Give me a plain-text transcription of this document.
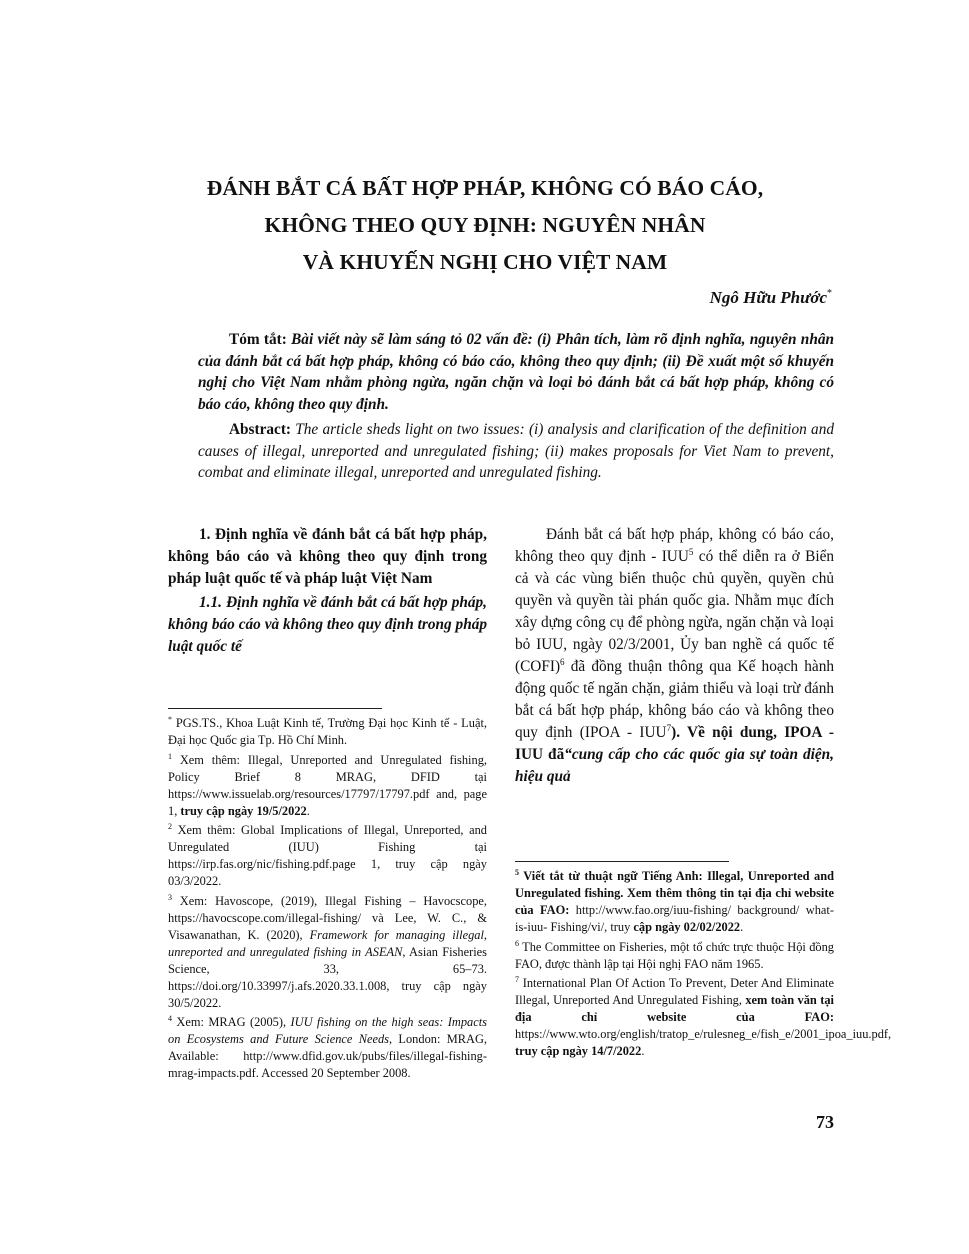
ĐÁNH BẮT CÁ BẤT HỢP PHÁP, KHÔNG CÓ BÁO CÁO,
KHÔNG THEO QUY ĐỊNH: NGUYÊN NHÂN
VÀ KHUYẾN NGHỊ CHO VIỆT NAM
Ngô Hữu Phước*
Tóm tắt: Bài viết này sẽ làm sáng tỏ 02 vấn đề: (i) Phân tích, làm rõ định nghĩa, nguyên nhân của đánh bắt cá bất hợp pháp, không có báo cáo, không theo quy định; (ii) Đề xuất một số khuyến nghị cho Việt Nam nhằm phòng ngừa, ngăn chặn và loại bỏ đánh bắt cá bất hợp pháp, không có báo cáo, không theo quy định.
Abstract: The article sheds light on two issues: (i) analysis and clarification of the definition and causes of illegal, unreported and unregulated fishing; (ii) makes proposals for Viet Nam to prevent, combat and eliminate illegal, unreported and unregulated fishing.

1. Định nghĩa về đánh bắt cá bất hợp pháp, không báo cáo và không theo quy định trong pháp luật quốc tế và pháp luật Việt Nam

1.1. Định nghĩa về đánh bắt cá bất hợp pháp, không báo cáo và không theo quy định trong pháp luật quốc tế

Đánh bắt cá bất hợp pháp, không có báo cáo, không theo quy định - IUU$^5$ có thể diễn ra ở Biển cả và các vùng biển thuộc chủ quyền, quyền chủ quyền và quyền tài phán quốc gia. Nhằm mục đích xây dựng công cụ để phòng ngừa, ngăn chặn và loại bỏ IUU, ngày 02/3/2001, Ủy ban nghề cá quốc tế (COFI)$^6$ đã đồng thuận thông qua Kế hoạch hành động quốc tế ngăn chặn, giảm thiểu và loại trừ đánh bắt cá bất hợp pháp, không báo cáo và không theo quy định (IPOA - IUU$^7$). Về nội dung, IPOA - IUU đã“cung cấp cho các quốc gia sự toàn diện, hiệu quả

* PGS.TS., Khoa Luật Kinh tế, Trường Đại học Kinh tế - Luật, Đại học Quốc gia Tp. Hồ Chí Minh.

$^1$ Xem thêm: Illegal, Unreported and Unregulated fishing, Policy Brief 8 MRAG, DFID tại https://www.issuelab.org/resources/17797/17797.pdf and, page 1, truy cập ngày 19/5/2022.

$^2$ Xem thêm: Global Implications of Illegal, Unreported, and Unregulated (IUU) Fishing tại https://irp.fas.org/nic/fishing.pdf.page 1, truy cập ngày 03/3/2022.

$^3$ Xem: Havoscope, (2019), Illegal Fishing – Havocscope, https://havocscope.com/illegal-fishing/ và Lee, W. C., & Visawanathan, K. (2020), Framework for managing illegal, unreported and unregulated fishing in ASEAN, Asian Fisheries Science, 33, 65–73. https://doi.org/10.33997/j.afs.2020.33.1.008, truy cập ngày 30/5/2022.

$^4$ Xem: MRAG (2005), IUU fishing on the high seas: Impacts on Ecosystems and Future Science Needs, London: MRAG, Available: http://www.dfid.gov.uk/pubs/files/illegal-fishing-mrag-impacts.pdf. Accessed 20 September 2008.

$^5$ Viết tắt từ thuật ngữ Tiếng Anh: Illegal, Unreported and Unregulated fishing. Xem thêm thông tin tại địa chỉ website của FAO: http://www.fao.org/iuu-fishing/ background/ what- is-iuu- Fishing/vi/, truy cập ngày 02/02/2022.

$^6$ The Committee on Fisheries, một tổ chức trực thuộc Hội đồng FAO, được thành lập tại Hội nghị FAO năm 1965.

$^7$ International Plan Of Action To Prevent, Deter And Eliminate Illegal, Unreported And Unregulated Fishing, xem toàn văn tại địa chỉ website của FAO: https://www.wto.org/english/tratop_e/rulesneg_e/fish_e/2001_ipoa_iuu.pdf, truy cập ngày 14/7/2022.

73
